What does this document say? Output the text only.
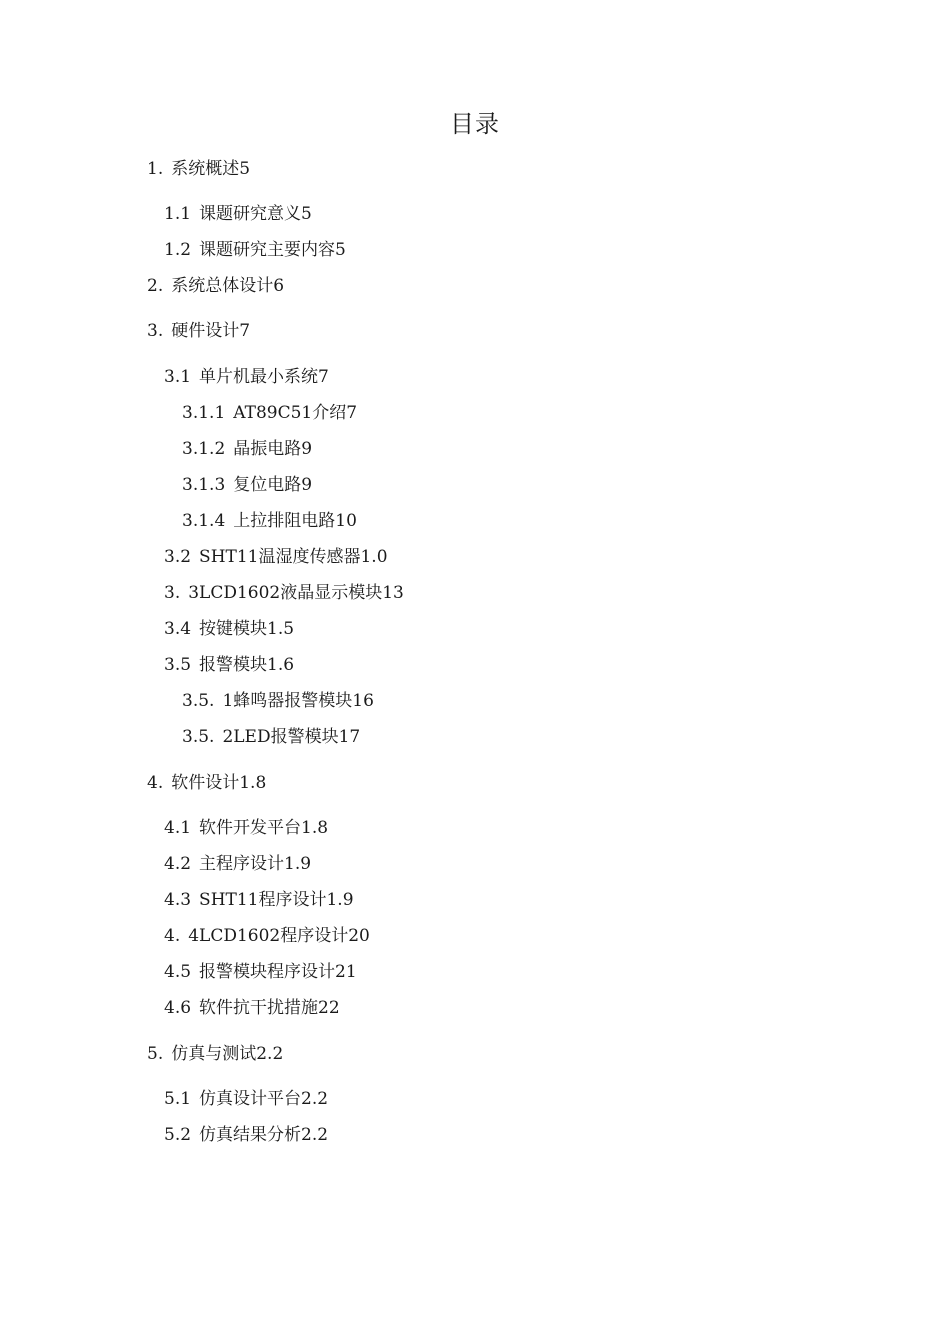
目录
1. 系统概述5
1.1 课题研究意义5
1.2 课题研究主要内容5
2. 系统总体设计6
3. 硬件设计7
3.1 单片机最小系统7
3.1.1 AT89C51介绍7
3.1.2 晶振电路9
3.1.3 复位电路9
3.1.4 上拉排阻电路10
3.2 SHT11温湿度传感器1.0
3. 3LCD1602液晶显示模块13
3.4 按键模块1.5
3.5 报警模块1.6
3.5. 1蜂鸣器报警模块16
3.5. 2LED报警模块17
4. 软件设计1.8
4.1 软件开发平台1.8
4.2 主程序设计1.9
4.3 SHT11程序设计1.9
4. 4LCD1602程序设计20
4.5 报警模块程序设计21
4.6 软件抗干扰措施22
5. 仿真与测试2.2
5.1 仿真设计平台2.2
5.2 仿真结果分析2.2
